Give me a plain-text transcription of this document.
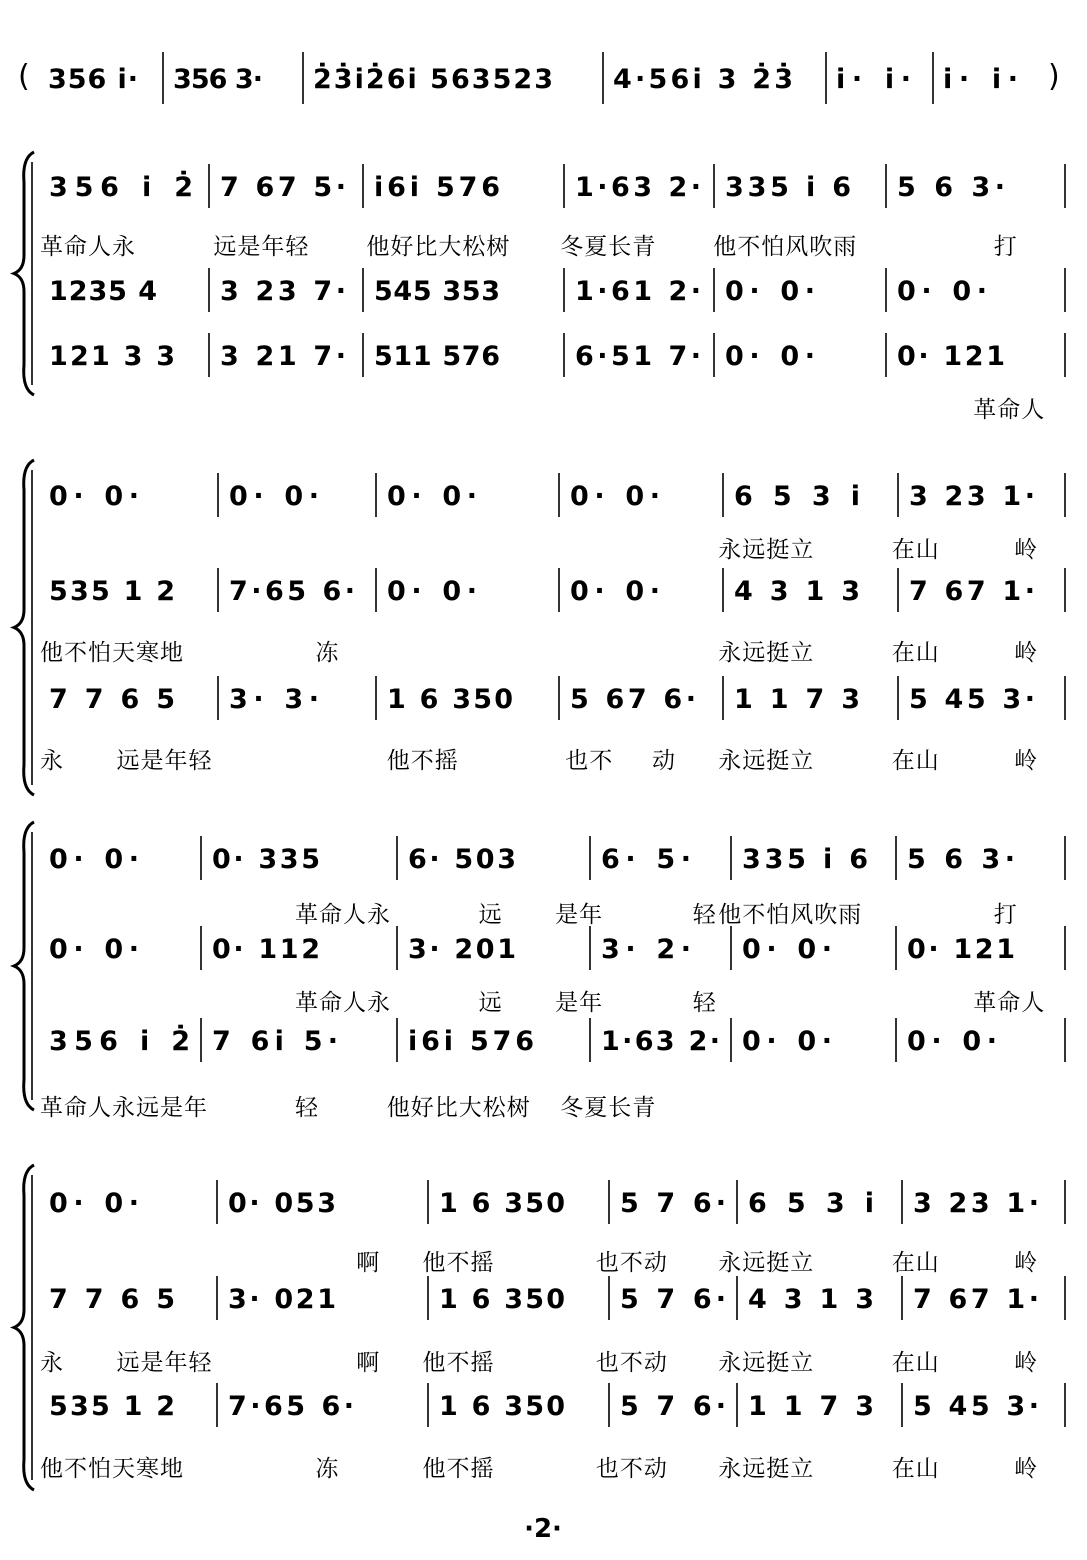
(	)
356 i· 356 3· 2̇3̇i2̇6i 563523 4·56i 3 2̇3̇ i· i· i· i·
356 i 2̇ 7 67 5· i6i 576	1·63 2· 335 i 6 5 6 3·
革命人永	远是年轻 他好比大松树 冬夏长青 他不怕风吹雨	打
1235 4 3 23 7· 545 353	1·61 2· 0· 0·	0· 0·
121 3 3 3 21 7· 511 576	6·51 7· 0· 0·	0· 121
革命人
0· 0·	0· 0·	0· 0·	0· 0·	6 5 3 i 3 23 1·
永远挺立	在山	岭
535 1 2 7·65 6· 0· 0·	0· 0·	4 3 1 3 7 67 1·
他不怕天寒地	冻	永远挺立	在山	岭
7 7 6 5 3· 3·	1 6 350 5 67 6· 1 1 7 3 5 45 3·
永 远是年轻	他不摇	也不 动 永远挺立	在山	岭
0· 0·	0· 335	6· 503	6· 5· 335 i 6 5 6 3·
革命人永	远 是年	轻 他不怕风吹雨	打
0· 0·	0· 112	3· 201	3· 2· 0· 0·	0· 121
革命人永	远 是年	轻	革命人
356 i 2̇ 7 6i 5·	i6i 576 1·63 2· 0· 0·	0· 0·
革命人永远是年	轻	他好比大松树 冬夏长青
0· 0·	0· 053	1 6 350 5 7 6· 6 5 3 i 3 23 1·
啊 他不摇	也不动 永远挺立	在山	岭
7 7 6 5 3· 021	1 6 350 5 7 6· 4 3 1 3 7 67 1·
永 远是年轻	啊 他不摇	也不动 永远挺立	在山	岭
535 1 2 7·65 6·	1 6 350 5 7 6· 1 1 7 3 5 45 3·
他不怕天寒地	冻	他不摇	也不动 永远挺立	在山	岭
·2·
